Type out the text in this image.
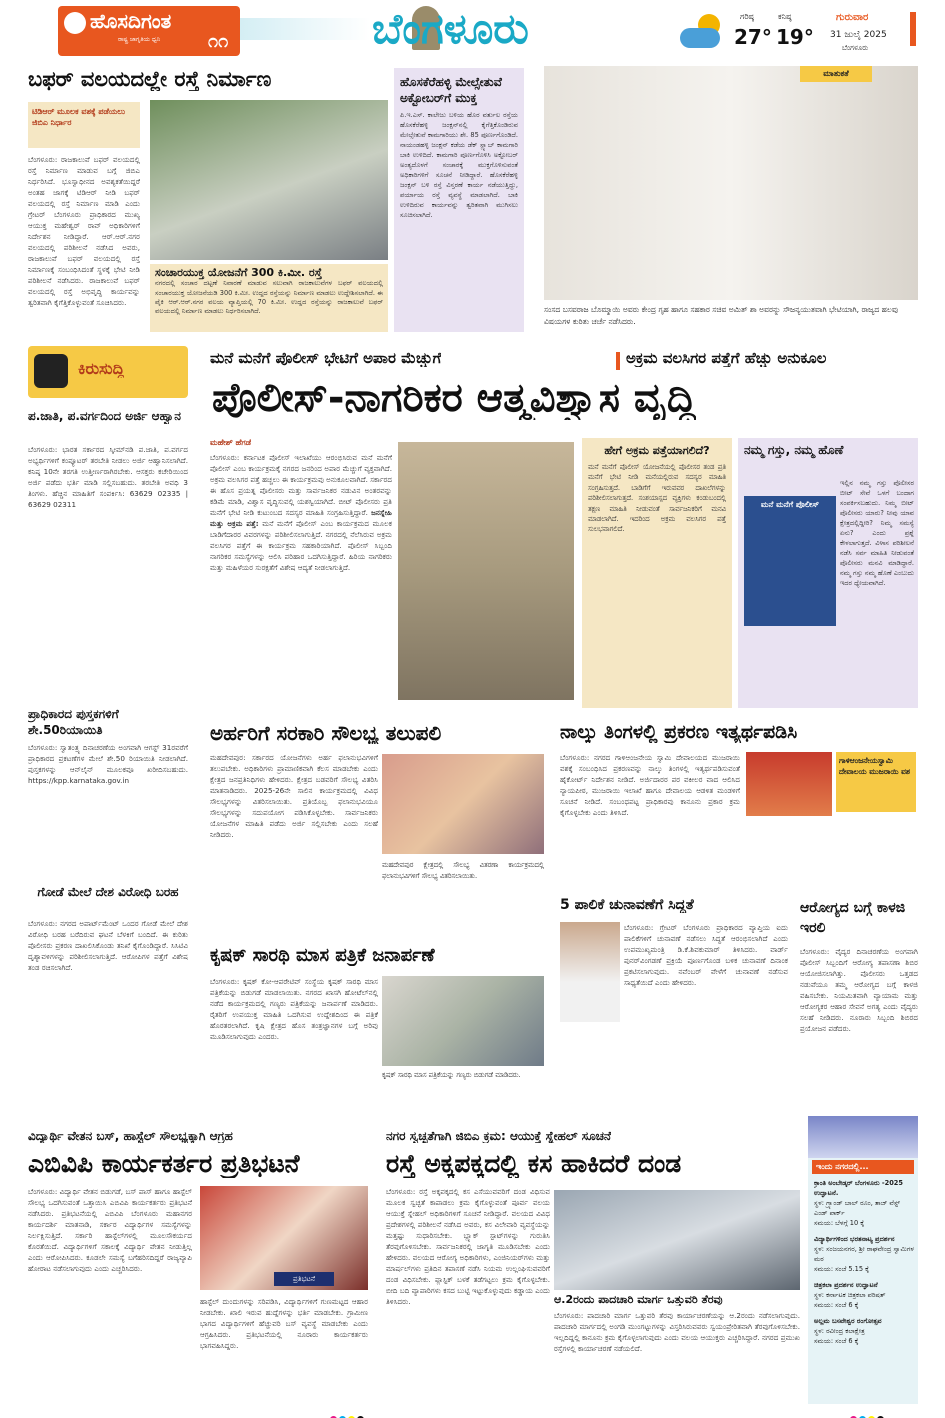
ಹೊಸದಿಗಂತ
ರಾಷ್ಟ್ರ ಜಾಗೃತಿಯ ಧ್ವನಿ	೧೧	ಬೆಂಗಳೂರು	ಗರಿಷ್ಠ
27°
ಕನಿಷ್ಠ
19°
ಗುರುವಾರ
31 ಜುಲೈ 2025
ಬೆಂಗಳೂರು
ಬಫರ್ ವಲಯದಲ್ಲೇ ರಸ್ತೆ ನಿರ್ಮಾಣ
ಟಿಡಿಆರ್ ಮೂಲಕ ವಶಕ್ಕೆ ಪಡೆಯಲು ಜಿಬಿಎ ನಿರ್ಧಾರ
ಬೆಂಗಳೂರು: ರಾಜಕಾಲುವೆ ಬಫರ್ ವಲಯದಲ್ಲಿ ರಸ್ತೆ ನಿರ್ಮಾಣ ಮಾಡುವ ಬಗ್ಗೆ ಜಿಬಿಎ ನಿರ್ಧರಿಸಿದೆ. ಭೂಸ್ವಾಧೀನದ ಅವಶ್ಯಕತೆಯಿದ್ದರೆ ಅಂತಹ ಜಾಗಕ್ಕೆ ಟಿಡಿಆರ್ ನೀಡಿ ಬಫರ್ ವಲಯದಲ್ಲಿ ರಸ್ತೆ ನಿರ್ಮಾಣ ಮಾಡಿ ಎಂದು ಗ್ರೇಟರ್ ಬೆಂಗಳೂರು ಪ್ರಾಧಿಕಾರದ ಮುಖ್ಯ ಆಯುಕ್ತ ಮಹೇಶ್ವರ್ ರಾವ್ ಅಧಿಕಾರಿಗಳಿಗೆ ನಿರ್ದೇಶನ ನೀಡಿದ್ದಾರೆ. ಆರ್.ಆರ್.ನಗರ ವಲಯದಲ್ಲಿ ಪರಿಶೀಲನೆ ನಡೆಸಿದ ಅವರು, ರಾಜಕಾಲುವೆ ಬಫರ್ ವಲಯದಲ್ಲಿ ರಸ್ತೆ ನಿರ್ಮಾಣಕ್ಕೆ ಸಂಬಂಧಿಸಿದಂತೆ ಸ್ಥಳಕ್ಕೆ ಭೇಟಿ ನೀಡಿ ಪರಿಶೀಲನೆ ನಡೆಸಿದರು. ರಾಜಕಾಲುವೆ ಬಫರ್ ವಲಯದಲ್ಲಿ ರಸ್ತೆ ಅಭಿವೃದ್ಧಿ ಕಾರ್ಯವನ್ನು ತ್ವರಿತವಾಗಿ ಕೈಗೆತ್ತಿಕೊಳ್ಳುವಂತೆ ಸೂಚಿಸಿದರು.
ಸಂಚಾರಯುಕ್ತ ಯೋಜನೆಗೆ 300 ಕಿ.ಮೀ. ರಸ್ತೆ
ನಗರದಲ್ಲಿ ಸಂಚಾರ ದಟ್ಟಣೆ ನಿವಾರಣೆ ಮಾಡುವ ಸಲುವಾಗಿ ರಾಜಕಾಲುವೆಗಳ ಬಫರ್ ವಲಯದಲ್ಲಿ ಸಂಚಾರಯುಕ್ತ ಯೋಜನೆಯಡಿ 300 ಕಿ.ಮೀ. ಉದ್ದದ ರಸ್ತೆಯನ್ನು ನಿರ್ಮಾಣ ಮಾಡಲು ಉದ್ದೇಶಿಸಲಾಗಿದೆ. ಈ ಪೈಕಿ ಆರ್.ಆರ್.ನಗರ ವಲಯ ವ್ಯಾಪ್ತಿಯಲ್ಲಿ 70 ಕಿ.ಮೀ. ಉದ್ದದ ರಸ್ತೆಯನ್ನು ರಾಜಕಾಲುವೆ ಬಫರ್ ವಲಯದಲ್ಲಿ ನಿರ್ಮಾಣ ಮಾಡಲು ನಿರ್ಧರಿಸಲಾಗಿದೆ.
ಹೊಸಕೆರೆಹಳ್ಳಿ ಮೇಲ್ಸೇತುವೆ ಅಕ್ಟೋಬರ್‌ಗೆ ಮುಕ್ತ
ಪಿ.ಇ.ಎಸ್. ಕಾಲೇಜು ಬಳಿಯ ಹೊರ ವರ್ತುಲ ರಸ್ತೆಯ ಹೊಸಕೆರೆಹಳ್ಳಿ ಜಂಕ್ಷನ್‌ನಲ್ಲಿ ಕೈಗೆತ್ತಿಕೊಂಡಿರುವ ಮೇಲ್ಸೇತುವೆ ಕಾಮಗಾರಿಯು ಶೇ. 85 ಪೂರ್ಣಗೊಂಡಿದೆ. ನಾಯಂಡಹಳ್ಳಿ ಜಂಕ್ಷನ್ ಕಡೆಯ ಡೆಕ್ ಸ್ಲ್ಯಾಬ್ ಕಾಮಗಾರಿ ಬಾಕಿ ಉಳಿದಿದೆ. ಕಾಮಗಾರಿ ಪೂರ್ಣಗೊಳಿಸಿ ಅಕ್ಟೋಬರ್ ಅಂತ್ಯದೊಳಗೆ ಸಂಚಾರಕ್ಕೆ ಮುಕ್ತಗೊಳಿಸುವಂತೆ ಅಧಿಕಾರಿಗಳಿಗೆ ಸೂಚನೆ ನೀಡಿದ್ದಾರೆ. ಹೊಸಕೆರೆಹಳ್ಳಿ ಜಂಕ್ಷನ್ ಬಳಿ ರಸ್ತೆ ವಿಸ್ತರಣೆ ಕಾರ್ಯ ನಡೆಯುತ್ತಿದ್ದು, ಪರ್ಯಾಯ ರಸ್ತೆ ವ್ಯವಸ್ಥೆ ಮಾಡಲಾಗಿದೆ. ಬಾಕಿ ಉಳಿದಿರುವ ಕಾರ್ಯವನ್ನು ತ್ವರಿತವಾಗಿ ಮುಗಿಸಲು ಸೂಚಿಸಲಾಗಿದೆ.
ಮಾತುಕತೆ
ಸಂಸದ ಬಸವರಾಜ ಬೊಮ್ಮಾಯಿ ಅವರು ಕೇಂದ್ರ ಗೃಹ ಹಾಗೂ ಸಹಕಾರ ಸಚಿವ ಅಮಿತ್ ಶಾ ಅವರನ್ನು ಸೌಜನ್ಯಯುತವಾಗಿ ಭೇಟಿಯಾಗಿ, ರಾಜ್ಯದ ಹಲವು ವಿಷಯಗಳ ಕುರಿತು ಚರ್ಚೆ ನಡೆಸಿದರು.
ಕಿರುಸುದ್ದಿ
ಪ.ಜಾತಿ, ಪ.ವರ್ಗದಿಂದ ಅರ್ಜಿ ಆಹ್ವಾನ
ಬೆಂಗಳೂರು: ಭಾರತ ಸರ್ಕಾರದ ಸ್ಕೀಮ್‌ನಡಿ ಪ.ಜಾತಿ, ಪ.ವರ್ಗದ ಅಭ್ಯರ್ಥಿಗಳಿಗೆ ಕಂಪ್ಯೂಟರ್ ತರಬೇತಿ ನೀಡಲು ಅರ್ಜಿ ಆಹ್ವಾನಿಸಲಾಗಿದೆ. ಕನಿಷ್ಠ 10ನೇ ತರಗತಿ ಉತ್ತೀರ್ಣರಾಗಿರಬೇಕು. ಆಸಕ್ತರು ಕಚೇರಿಯಿಂದ ಅರ್ಜಿ ಪಡೆದು ಭರ್ತಿ ಮಾಡಿ ಸಲ್ಲಿಸಬಹುದು. ತರಬೇತಿ ಅವಧಿ 3 ತಿಂಗಳು. ಹೆಚ್ಚಿನ ಮಾಹಿತಿಗೆ ಸಂಪರ್ಕಿಸಿ: 63629 02335 | 63629 02311
ಪ್ರಾಧಿಕಾರದ ಪುಸ್ತಕಗಳಿಗೆ ಶೇ.50ರಿಯಾಯಿತಿ
ಬೆಂಗಳೂರು: ಸ್ವಾತಂತ್ರ್ಯ ದಿನಾಚರಣೆಯ ಅಂಗವಾಗಿ ಆಗಸ್ಟ್ 31ರವರೆಗೆ ಪ್ರಾಧಿಕಾರದ ಪ್ರಕಟಣೆಗಳ ಮೇಲೆ ಶೇ.50 ರಿಯಾಯಿತಿ ನೀಡಲಾಗಿದೆ. ಪುಸ್ತಕಗಳನ್ನು ಆನ್‌ಲೈನ್ ಮೂಲಕವೂ ಖರೀದಿಸಬಹುದು. https://kpp.karnataka.gov.in
ಗೋಡೆ ಮೇಲೆ ದೇಶ ವಿರೋಧಿ ಬರಹ
ಬೆಂಗಳೂರು: ನಗರದ ಅಪಾರ್ಟ್‌ಮೆಂಟ್ ಒಂದರ ಗೋಡೆ ಮೇಲೆ ದೇಶ ವಿರೋಧಿ ಬರಹ ಬರೆದಿರುವ ಘಟನೆ ಬೆಳಕಿಗೆ ಬಂದಿದೆ. ಈ ಕುರಿತು ಪೊಲೀಸರು ಪ್ರಕರಣ ದಾಖಲಿಸಿಕೊಂಡು ತನಿಖೆ ಕೈಗೊಂಡಿದ್ದಾರೆ. ಸಿಸಿಟಿವಿ ದೃಶ್ಯಾವಳಿಗಳನ್ನು ಪರಿಶೀಲಿಸಲಾಗುತ್ತಿದೆ. ಆರೋಪಿಗಳ ಪತ್ತೆಗೆ ವಿಶೇಷ ತಂಡ ರಚಿಸಲಾಗಿದೆ.
ಮನೆ ಮನೆಗೆ ಪೊಲೀಸ್ ಭೇಟಿಗೆ ಅಪಾರ ಮೆಚ್ಚುಗೆ	ಅಕ್ರಮ ವಲಸಿಗರ ಪತ್ತೆಗೆ ಹೆಚ್ಚು ಅನುಕೂಲ
ಪೊಲೀಸ್-ನಾಗರಿಕರ ಆತ್ಮವಿಶ್ವಾಸ ವೃದ್ಧಿ
ಮಹೇಶ್ ಹೆಗಡೆ
ಬೆಂಗಳೂರು: ಕರ್ನಾಟಕ ಪೊಲೀಸ್ ಇಲಾಖೆಯು ಆರಂಭಿಸಿರುವ ಮನೆ ಮನೆಗೆ ಪೊಲೀಸ್ ಎಂಬ ಕಾರ್ಯಕ್ರಮಕ್ಕೆ ನಗರದ ಜನರಿಂದ ಅಪಾರ ಮೆಚ್ಚುಗೆ ವ್ಯಕ್ತವಾಗಿದೆ. ಅಕ್ರಮ ವಲಸಿಗರ ಪತ್ತೆ ಹಚ್ಚಲು ಈ ಕಾರ್ಯಕ್ರಮವು ಅನುಕೂಲವಾಗಿದೆ. ಸರ್ಕಾರದ ಈ ಹೊಸ ಪ್ರಯತ್ನ ಪೊಲೀಸರು ಮತ್ತು ಸಾರ್ವಜನಿಕರ ನಡುವಿನ ಅಂತರವನ್ನು ಕಡಿಮೆ ಮಾಡಿ, ವಿಶ್ವಾಸ ವೃದ್ಧಿಸುವಲ್ಲಿ ಯಶಸ್ವಿಯಾಗಿದೆ. ಬೀಟ್ ಪೊಲೀಸರು ಪ್ರತಿ ಮನೆಗೆ ಭೇಟಿ ನೀಡಿ ಕುಟುಂಬದ ಸದಸ್ಯರ ಮಾಹಿತಿ ಸಂಗ್ರಹಿಸುತ್ತಿದ್ದಾರೆ. ಜನಸ್ನೇಹಿ ಮತ್ತು ಅಕ್ರಮ ಪತ್ತೆ: ಮನೆ ಮನೆಗೆ ಪೊಲೀಸ್ ಎಂಬ ಕಾರ್ಯಕ್ರಮದ ಮೂಲಕ ಬಾಡಿಗೆದಾರರ ವಿವರಗಳನ್ನು ಪರಿಶೀಲಿಸಲಾಗುತ್ತಿದೆ. ನಗರದಲ್ಲಿ ನೆಲೆಸಿರುವ ಅಕ್ರಮ ವಲಸಿಗರ ಪತ್ತೆಗೆ ಈ ಕಾರ್ಯಕ್ರಮ ಸಹಕಾರಿಯಾಗಿದೆ. ಪೊಲೀಸ್ ಸಿಬ್ಬಂದಿ ನಾಗರಿಕರ ಸಮಸ್ಯೆಗಳನ್ನು ಆಲಿಸಿ ಪರಿಹಾರ ಒದಗಿಸುತ್ತಿದ್ದಾರೆ. ಹಿರಿಯ ನಾಗರಿಕರು ಮತ್ತು ಮಹಿಳೆಯರ ಸುರಕ್ಷತೆಗೆ ವಿಶೇಷ ಆದ್ಯತೆ ನೀಡಲಾಗುತ್ತಿದೆ.
ಹೇಗೆ ಅಕ್ರಮ ಪತ್ತೆಯಾಗಲಿದೆ?
ಮನೆ ಮನೆಗೆ ಪೊಲೀಸ್ ಯೋಜನೆಯಲ್ಲಿ ಪೊಲೀಸರ ತಂಡ ಪ್ರತಿ ಮನೆಗೆ ಭೇಟಿ ನೀಡಿ ಮನೆಯಲ್ಲಿರುವ ಸದಸ್ಯರ ಮಾಹಿತಿ ಸಂಗ್ರಹಿಸುತ್ತದೆ. ಬಾಡಿಗೆಗೆ ಇರುವವರ ದಾಖಲೆಗಳನ್ನು ಪರಿಶೀಲಿಸಲಾಗುತ್ತದೆ. ಸಂಶಯಾಸ್ಪದ ವ್ಯಕ್ತಿಗಳು ಕಂಡುಬಂದಲ್ಲಿ ತಕ್ಷಣ ಮಾಹಿತಿ ನೀಡುವಂತೆ ಸಾರ್ವಜನಿಕರಿಗೆ ಮನವಿ ಮಾಡಲಾಗಿದೆ. ಇದರಿಂದ ಅಕ್ರಮ ವಲಸಿಗರ ಪತ್ತೆ ಸುಲಭವಾಗಲಿದೆ.
ನಮ್ಮ ಗಸ್ತು, ನಮ್ಮ ಹೊಣೆ
ಮನೆ ಮನೆಗೆ ಪೊಲೀಸ್
ಇಲ್ಲಿನ ನಮ್ಮ ಗಸ್ತು ಪೊಲೀಸರ ಬೀಟ್ ಸೇವೆ ಒಳಗೆ ಬಂದಾಗ ಸಂಪರ್ಕಿಸಬಹುದು. ನಿಮ್ಮ ಬೀಟ್ ಪೊಲೀಸರು ಯಾರು? ನೀವು ಯಾವ ಕ್ಷೇತ್ರದಲ್ಲಿದ್ದೀರಿ? ನಿಮ್ಮ ಸಮಸ್ಯೆ ಏನು? ಎಂದು ಪ್ರಶ್ನೆ ಕೇಳಲಾಗುತ್ತದೆ. ವಿಳಾಸ ಪರಿಶೀಲನೆ ನಡೆಸಿ ಸರ್ವ ಮಾಹಿತಿ ನೀಡುವಂತೆ ಪೊಲೀಸರು ಮನವಿ ಮಾಡಿದ್ದಾರೆ. ನಮ್ಮ ಗಸ್ತು ನಮ್ಮ ಹೊಣೆ ಎಂಬುದು ಇದರ ಧ್ಯೇಯವಾಗಿದೆ.
ಅರ್ಹರಿಗೆ ಸರಕಾರಿ ಸೌಲಭ್ಯ ತಲುಪಲಿ
ಮಹದೇವಪುರ: ಸರ್ಕಾರದ ಯೋಜನೆಗಳು ಅರ್ಹ ಫಲಾನುಭವಿಗಳಿಗೆ ತಲುಪಬೇಕು. ಅಧಿಕಾರಿಗಳು ಪ್ರಾಮಾಣಿಕವಾಗಿ ಕೆಲಸ ಮಾಡಬೇಕು ಎಂದು ಕ್ಷೇತ್ರದ ಜನಪ್ರತಿನಿಧಿಗಳು ಹೇಳಿದರು. ಕ್ಷೇತ್ರದ ಬಡವರಿಗೆ ಸೌಲಭ್ಯ ವಿತರಿಸಿ ಮಾತನಾಡಿದರು. 2025-26ನೇ ಸಾಲಿನ ಕಾರ್ಯಕ್ರಮದಲ್ಲಿ ವಿವಿಧ ಸೌಲಭ್ಯಗಳನ್ನು ವಿತರಿಸಲಾಯಿತು. ಪ್ರತಿಯೊಬ್ಬ ಫಲಾನುಭವಿಯೂ ಸೌಲಭ್ಯಗಳನ್ನು ಸದುಪಯೋಗ ಪಡಿಸಿಕೊಳ್ಳಬೇಕು. ಸಾರ್ವಜನಿಕರು ಯೋಜನೆಗಳ ಮಾಹಿತಿ ಪಡೆದು ಅರ್ಜಿ ಸಲ್ಲಿಸಬೇಕು ಎಂದು ಸಲಹೆ ನೀಡಿದರು.
ಮಹದೇವಪುರ ಕ್ಷೇತ್ರದಲ್ಲಿ ಸೌಲಭ್ಯ ವಿತರಣಾ ಕಾರ್ಯಕ್ರಮದಲ್ಲಿ ಫಲಾನುಭವಿಗಳಿಗೆ ಸೌಲಭ್ಯ ವಿತರಿಸಲಾಯಿತು.
ನಾಲ್ಕು ತಿಂಗಳಲ್ಲಿ ಪ್ರಕರಣ ಇತ್ಯರ್ಥಪಡಿಸಿ
ಬೆಂಗಳೂರು: ನಗರದ ಗಾಳಿಆಂಜನೇಯ ಸ್ವಾಮಿ ದೇವಾಲಯದ ಮುಜರಾಯಿ ವಶಕ್ಕೆ ಸಂಬಂಧಿಸಿದ ಪ್ರಕರಣವನ್ನು ನಾಲ್ಕು ತಿಂಗಳಲ್ಲಿ ಇತ್ಯರ್ಥಪಡಿಸುವಂತೆ ಹೈಕೋರ್ಟ್ ನಿರ್ದೇಶನ ನೀಡಿದೆ. ಅರ್ಜಿದಾರರ ಪರ ವಕೀಲರ ವಾದ ಆಲಿಸಿದ ನ್ಯಾಯಪೀಠ, ಮುಜರಾಯಿ ಇಲಾಖೆ ಹಾಗೂ ದೇವಾಲಯ ಆಡಳಿತ ಮಂಡಳಿಗೆ ಸೂಚನೆ ನೀಡಿದೆ. ಸಂಬಂಧಪಟ್ಟ ಪ್ರಾಧಿಕಾರವು ಕಾನೂನು ಪ್ರಕಾರ ಕ್ರಮ ಕೈಗೊಳ್ಳಬೇಕು ಎಂದು ತಿಳಿಸಿದೆ.
ಗಾಳಿಆಂಜನೇಯಸ್ವಾಮಿ ದೇವಾಲಯ ಮುಜರಾಯಿ ವಶ
5 ಪಾಲಿಕೆ ಚುನಾವಣೆಗೆ ಸಿದ್ಧತೆ
ಬೆಂಗಳೂರು: ಗ್ರೇಟರ್ ಬೆಂಗಳೂರು ಪ್ರಾಧಿಕಾರದ ವ್ಯಾಪ್ತಿಯ ಐದು ಪಾಲಿಕೆಗಳಿಗೆ ಚುನಾವಣೆ ನಡೆಸಲು ಸಿದ್ಧತೆ ಆರಂಭಿಸಲಾಗಿದೆ ಎಂದು ಉಪಮುಖ್ಯಮಂತ್ರಿ ಡಿ.ಕೆ.ಶಿವಕುಮಾರ್ ತಿಳಿಸಿದರು. ವಾರ್ಡ್ ಪುನರ್‌ವಿಂಗಡಣೆ ಪ್ರಕ್ರಿಯೆ ಪೂರ್ಣಗೊಂಡ ಬಳಿಕ ಚುನಾವಣೆ ದಿನಾಂಕ ಪ್ರಕಟಿಸಲಾಗುವುದು. ನವೆಂಬರ್ ವೇಳೆಗೆ ಚುನಾವಣೆ ನಡೆಸುವ ಸಾಧ್ಯತೆಯಿದೆ ಎಂದು ಹೇಳಿದರು.
ಆರೋಗ್ಯದ ಬಗ್ಗೆ ಕಾಳಜಿ ಇರಲಿ
ಬೆಂಗಳೂರು: ವೈದ್ಯರ ದಿನಾಚರಣೆಯ ಅಂಗವಾಗಿ ಪೊಲೀಸ್ ಸಿಬ್ಬಂದಿಗೆ ಆರೋಗ್ಯ ತಪಾಸಣಾ ಶಿಬಿರ ಆಯೋಜಿಸಲಾಗಿತ್ತು. ಪೊಲೀಸರು ಒತ್ತಡದ ನಡುವೆಯೂ ತಮ್ಮ ಆರೋಗ್ಯದ ಬಗ್ಗೆ ಕಾಳಜಿ ವಹಿಸಬೇಕು. ನಿಯಮಿತವಾಗಿ ವ್ಯಾಯಾಮ ಮತ್ತು ಆರೋಗ್ಯಕರ ಆಹಾರ ಸೇವನೆ ಅಗತ್ಯ ಎಂದು ವೈದ್ಯರು ಸಲಹೆ ನೀಡಿದರು. ನೂರಾರು ಸಿಬ್ಬಂದಿ ಶಿಬಿರದ ಪ್ರಯೋಜನ ಪಡೆದರು.
ಕೃಷಕ್ ಸಾರಥಿ ಮಾಸ ಪತ್ರಿಕೆ ಜನಾರ್ಪಣೆ
ಬೆಂಗಳೂರು: ಕೃಷಕ್ ಕೋ-ಆಪರೇಟಿವ್ ಸಂಸ್ಥೆಯ ಕೃಷಕ್ ಸಾರಥಿ ಮಾಸ ಪತ್ರಿಕೆಯನ್ನು ಬಿಡುಗಡೆ ಮಾಡಲಾಯಿತು. ನಗರದ ಖಾಸಗಿ ಹೋಟೆಲ್‌ನಲ್ಲಿ ನಡೆದ ಕಾರ್ಯಕ್ರಮದಲ್ಲಿ ಗಣ್ಯರು ಪತ್ರಿಕೆಯನ್ನು ಜನಾರ್ಪಣೆ ಮಾಡಿದರು. ರೈತರಿಗೆ ಉಪಯುಕ್ತ ಮಾಹಿತಿ ಒದಗಿಸುವ ಉದ್ದೇಶದಿಂದ ಈ ಪತ್ರಿಕೆ ಹೊರತರಲಾಗಿದೆ. ಕೃಷಿ ಕ್ಷೇತ್ರದ ಹೊಸ ತಂತ್ರಜ್ಞಾನಗಳ ಬಗ್ಗೆ ಅರಿವು ಮೂಡಿಸಲಾಗುವುದು ಎಂದರು.
ಕೃಷಕ್ ಸಾರಥಿ ಮಾಸ ಪತ್ರಿಕೆಯನ್ನು ಗಣ್ಯರು ಬಿಡುಗಡೆ ಮಾಡಿದರು.
ವಿದ್ಯಾರ್ಥಿ ವೇತನ ಬಸ್, ಹಾಸ್ಟೆಲ್ ಸೌಲಭ್ಯಕ್ಕಾಗಿ ಆಗ್ರಹ
ಎಬಿವಿಪಿ ಕಾರ್ಯಕರ್ತರ ಪ್ರತಿಭಟನೆ
ಬೆಂಗಳೂರು: ವಿದ್ಯಾರ್ಥಿ ವೇತನ ಬಿಡುಗಡೆ, ಬಸ್ ಪಾಸ್ ಹಾಗೂ ಹಾಸ್ಟೆಲ್ ಸೌಲಭ್ಯ ಒದಗಿಸುವಂತೆ ಒತ್ತಾಯಿಸಿ ಎಬಿವಿಪಿ ಕಾರ್ಯಕರ್ತರು ಪ್ರತಿಭಟನೆ ನಡೆಸಿದರು. ಪ್ರತಿಭಟನೆಯಲ್ಲಿ ಎಬಿವಿಪಿ ಬೆಂಗಳೂರು ಮಹಾನಗರ ಕಾರ್ಯದರ್ಶಿ ಮಾತನಾಡಿ, ಸರ್ಕಾರ ವಿದ್ಯಾರ್ಥಿಗಳ ಸಮಸ್ಯೆಗಳನ್ನು ನಿರ್ಲಕ್ಷಿಸುತ್ತಿದೆ. ಸರ್ಕಾರಿ ಹಾಸ್ಟೆಲ್‌ಗಳಲ್ಲಿ ಮೂಲಸೌಕರ್ಯದ ಕೊರತೆಯಿದೆ. ವಿದ್ಯಾರ್ಥಿಗಳಿಗೆ ಸಕಾಲಕ್ಕೆ ವಿದ್ಯಾರ್ಥಿ ವೇತನ ನೀಡುತ್ತಿಲ್ಲ ಎಂದು ಆರೋಪಿಸಿದರು. ಕೂಡಲೇ ಸಮಸ್ಯೆ ಬಗೆಹರಿಸದಿದ್ದರೆ ರಾಜ್ಯವ್ಯಾಪಿ ಹೋರಾಟ ನಡೆಸಲಾಗುವುದು ಎಂದು ಎಚ್ಚರಿಸಿದರು.
ಪ್ರತಿಭಟನೆ
ಹಾಸ್ಟೆಲ್ ದುಂದುಗಳನ್ನು ಸರಿಪಡಿಸಿ, ವಿದ್ಯಾರ್ಥಿಗಳಿಗೆ ಗುಣಮಟ್ಟದ ಆಹಾರ ನೀಡಬೇಕು. ಖಾಲಿ ಇರುವ ಹುದ್ದೆಗಳನ್ನು ಭರ್ತಿ ಮಾಡಬೇಕು. ಗ್ರಾಮೀಣ ಭಾಗದ ವಿದ್ಯಾರ್ಥಿಗಳಿಗೆ ಹೆಚ್ಚುವರಿ ಬಸ್ ವ್ಯವಸ್ಥೆ ಮಾಡಬೇಕು ಎಂದು ಆಗ್ರಹಿಸಿದರು. ಪ್ರತಿಭಟನೆಯಲ್ಲಿ ನೂರಾರು ಕಾರ್ಯಕರ್ತರು ಭಾಗವಹಿಸಿದ್ದರು.
ನಗರ ಸ್ವಚ್ಛತೆಗಾಗಿ ಜಿಬಿಎ ಕ್ರಮ: ಆಯುಕ್ತೆ ಸ್ನೇಹಲ್ ಸೂಚನೆ
ರಸ್ತೆ ಅಕ್ಕಪಕ್ಕದಲ್ಲಿ ಕಸ ಹಾಕಿದರೆ ದಂಡ
ಬೆಂಗಳೂರು: ರಸ್ತೆ ಅಕ್ಕಪಕ್ಕದಲ್ಲಿ ಕಸ ಎಸೆಯುವವರಿಗೆ ದಂಡ ವಿಧಿಸುವ ಮೂಲಕ ಸ್ವಚ್ಛತೆ ಕಾಪಾಡಲು ಕ್ರಮ ಕೈಗೊಳ್ಳುವಂತೆ ಪೂರ್ವ ವಲಯ ಆಯುಕ್ತೆ ಸ್ನೇಹಲ್ ಅಧಿಕಾರಿಗಳಿಗೆ ಸೂಚನೆ ನೀಡಿದ್ದಾರೆ. ವಲಯದ ವಿವಿಧ ಪ್ರದೇಶಗಳಲ್ಲಿ ಪರಿಶೀಲನೆ ನಡೆಸಿದ ಅವರು, ಕಸ ವಿಲೇವಾರಿ ವ್ಯವಸ್ಥೆಯನ್ನು ಮತ್ತಷ್ಟು ಸುಧಾರಿಸಬೇಕು. ಬ್ಲ್ಯಾಕ್ ಸ್ಪಾಟ್‌ಗಳನ್ನು ಗುರುತಿಸಿ ತೆರವುಗೊಳಿಸಬೇಕು. ಸಾರ್ವಜನಿಕರಲ್ಲಿ ಜಾಗೃತಿ ಮೂಡಿಸಬೇಕು ಎಂದು ಹೇಳಿದರು. ವಲಯದ ಆರೋಗ್ಯ ಅಧಿಕಾರಿಗಳು, ಎಂಜಿನಿಯರ್‌ಗಳು ಮತ್ತು ಮಾರ್ಷಲ್‌ಗಳು ಪ್ರತಿದಿನ ತಪಾಸಣೆ ನಡೆಸಿ ನಿಯಮ ಉಲ್ಲಂಘಿಸುವವರಿಗೆ ದಂಡ ವಿಧಿಸಬೇಕು. ಪ್ಲಾಸ್ಟಿಕ್ ಬಳಕೆ ತಡೆಗಟ್ಟಲು ಕ್ರಮ ಕೈಗೊಳ್ಳಬೇಕು. ಬೀದಿ ಬದಿ ವ್ಯಾಪಾರಿಗಳು ಕಸದ ಬುಟ್ಟಿ ಇಟ್ಟುಕೊಳ್ಳುವುದು ಕಡ್ಡಾಯ ಎಂದು ತಿಳಿಸಿದರು.	ಆ.2ರಂದು ಪಾದಚಾರಿ ಮಾರ್ಗ ಒತ್ತುವರಿ ತೆರವು
ಬೆಂಗಳೂರು: ಪಾದಚಾರಿ ಮಾರ್ಗ ಒತ್ತುವರಿ ತೆರವು ಕಾರ್ಯಾಚರಣೆಯನ್ನು ಆ.2ರಂದು ನಡೆಸಲಾಗುವುದು. ಪಾದಚಾರಿ ಮಾರ್ಗದಲ್ಲಿ ಅಂಗಡಿ ಮುಂಗಟ್ಟುಗಳನ್ನು ವಿಸ್ತರಿಸಿರುವವರು ಸ್ವಯಂಪ್ರೇರಿತವಾಗಿ ತೆರವುಗೊಳಿಸಬೇಕು. ಇಲ್ಲದಿದ್ದಲ್ಲಿ ಕಾನೂನು ಕ್ರಮ ಕೈಗೊಳ್ಳಲಾಗುವುದು ಎಂದು ವಲಯ ಆಯುಕ್ತರು ಎಚ್ಚರಿಸಿದ್ದಾರೆ. ನಗರದ ಪ್ರಮುಖ ರಸ್ತೆಗಳಲ್ಲಿ ಕಾರ್ಯಾಚರಣೆ ನಡೆಯಲಿದೆ.
ಇಂದು ನಗರದಲ್ಲಿ...
ಕ್ರಾಂತಿ ಅಂಬೇಡ್ಕರ್ ಬೆಂಗಳೂರು -2025 ಉದ್ಘಾಟನೆ.
ಸ್ಥಳ: ಗ್ರ್ಯಾಂಡ್ ಬಾಲ್ ರೂಂ, ತಾಜ್ ವೆಸ್ಟ್ ಎಂಡ್ ಪಾರ್ಕ್
ಸಮಯ: ಬೆಳಗ್ಗೆ 10 ಕ್ಕೆ
ವಿದ್ಯಾರ್ಥಿಗಳಿಂದ ಭರತನಾಟ್ಯ ಪ್ರದರ್ಶನ
ಸ್ಥಳ: ಸಂಜಯನಗರ, ಶ್ರೀ ರಾಘವೇಂದ್ರ ಸ್ವಾಮಿಗಳ ಮಠ
ಸಮಯ: ಸಂಜೆ 5.15 ಕ್ಕೆ
ಚಿತ್ರಕಲಾ ಪ್ರದರ್ಶನ ಉದ್ಘಾಟನೆ
ಸ್ಥಳ: ಕರ್ನಾಟಕ ಚಿತ್ರಕಲಾ ಪರಿಷತ್
ಸಮಯ: ಸಂಜೆ 6 ಕ್ಕೆ
ಅಲ್ಲಮ ಬಸವೇಶ್ವರ ರಂಗೋತ್ಸವ
ಸ್ಥಳ: ರವೀಂದ್ರ ಕಲಾಕ್ಷೇತ್ರ
ಸಮಯ: ಸಂಜೆ 6 ಕ್ಕೆ
